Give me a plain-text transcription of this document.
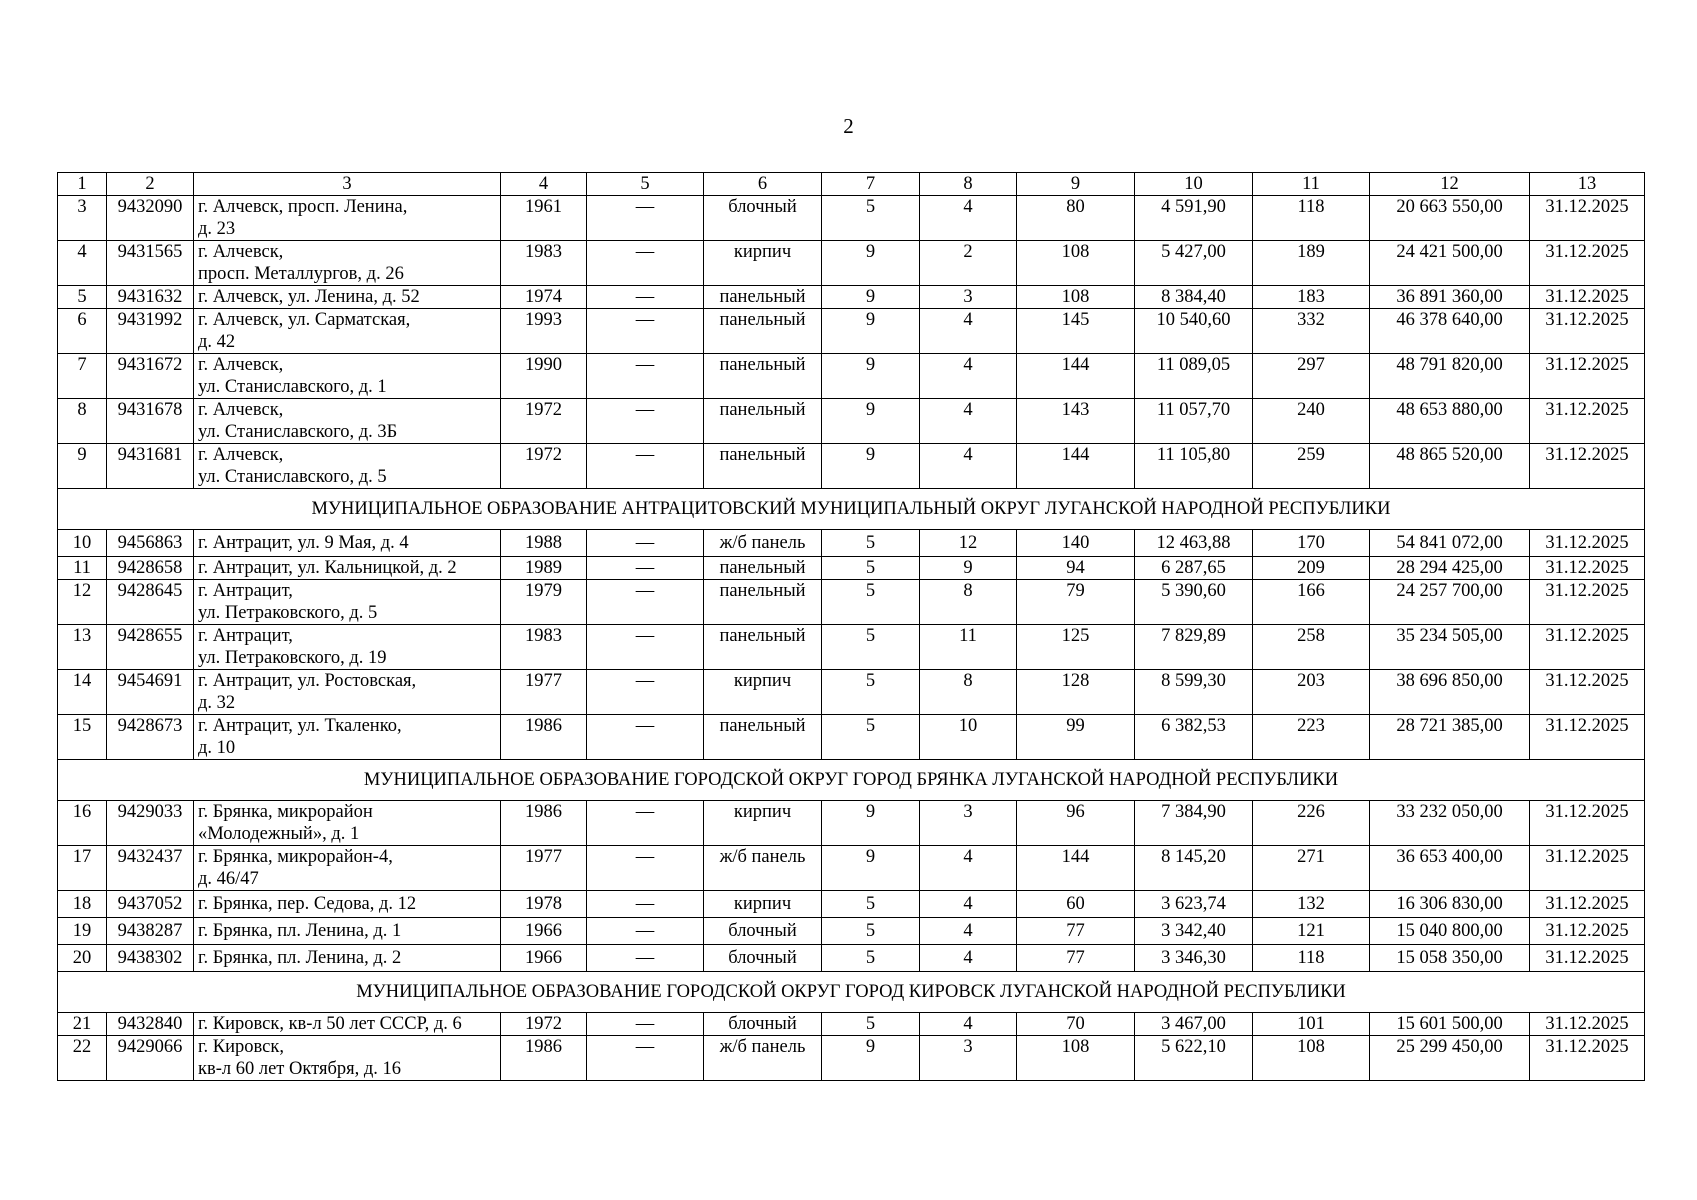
2
1	2	3	4	5	6	7	8	9	10	11	12	13
3	9432090	г. Алчевск, просп. Ленина,
д. 23	1961	—	блочный	5	4	80	4 591,90	118	20 663 550,00	31.12.2025
4	9431565	г. Алчевск,
просп. Металлургов, д. 26	1983	—	кирпич	9	2	108	5 427,00	189	24 421 500,00	31.12.2025
5	9431632	г. Алчевск, ул. Ленина, д. 52	1974	—	панельный	9	3	108	8 384,40	183	36 891 360,00	31.12.2025
6	9431992	г. Алчевск, ул. Сарматская,
д. 42	1993	—	панельный	9	4	145	10 540,60	332	46 378 640,00	31.12.2025
7	9431672	г. Алчевск,
ул. Станиславского, д. 1	1990	—	панельный	9	4	144	11 089,05	297	48 791 820,00	31.12.2025
8	9431678	г. Алчевск,
ул. Станиславского, д. 3Б	1972	—	панельный	9	4	143	11 057,70	240	48 653 880,00	31.12.2025
9	9431681	г. Алчевск,
ул. Станиславского, д. 5	1972	—	панельный	9	4	144	11 105,80	259	48 865 520,00	31.12.2025
МУНИЦИПАЛЬНОЕ ОБРАЗОВАНИЕ АНТРАЦИТОВСКИЙ МУНИЦИПАЛЬНЫЙ ОКРУГ ЛУГАНСКОЙ НАРОДНОЙ РЕСПУБЛИКИ												
10	9456863	г. Антрацит, ул. 9 Мая, д. 4	1988	—	ж/б панель	5	12	140	12 463,88	170	54 841 072,00	31.12.2025
11	9428658	г. Антрацит, ул. Кальницкой, д. 2	1989	—	панельный	5	9	94	6 287,65	209	28 294 425,00	31.12.2025
12	9428645	г. Антрацит,
ул. Петраковского, д. 5	1979	—	панельный	5	8	79	5 390,60	166	24 257 700,00	31.12.2025
13	9428655	г. Антрацит,
ул. Петраковского, д. 19	1983	—	панельный	5	11	125	7 829,89	258	35 234 505,00	31.12.2025
14	9454691	г. Антрацит, ул. Ростовская,
д. 32	1977	—	кирпич	5	8	128	8 599,30	203	38 696 850,00	31.12.2025
15	9428673	г. Антрацит, ул. Ткаленко,
д. 10	1986	—	панельный	5	10	99	6 382,53	223	28 721 385,00	31.12.2025
МУНИЦИПАЛЬНОЕ ОБРАЗОВАНИЕ ГОРОДСКОЙ ОКРУГ ГОРОД БРЯНКА ЛУГАНСКОЙ НАРОДНОЙ РЕСПУБЛИКИ												
16	9429033	г. Брянка, микрорайон
«Молодежный», д. 1	1986	—	кирпич	9	3	96	7 384,90	226	33 232 050,00	31.12.2025
17	9432437	г. Брянка, микрорайон-4,
д. 46/47	1977	—	ж/б панель	9	4	144	8 145,20	271	36 653 400,00	31.12.2025
18	9437052	г. Брянка, пер. Седова, д. 12	1978	—	кирпич	5	4	60	3 623,74	132	16 306 830,00	31.12.2025
19	9438287	г. Брянка, пл. Ленина, д. 1	1966	—	блочный	5	4	77	3 342,40	121	15 040 800,00	31.12.2025
20	9438302	г. Брянка, пл. Ленина, д. 2	1966	—	блочный	5	4	77	3 346,30	118	15 058 350,00	31.12.2025
МУНИЦИПАЛЬНОЕ ОБРАЗОВАНИЕ ГОРОДСКОЙ ОКРУГ ГОРОД КИРОВСК ЛУГАНСКОЙ НАРОДНОЙ РЕСПУБЛИКИ												
21	9432840	г. Кировск, кв-л 50 лет СССР, д. 6	1972	—	блочный	5	4	70	3 467,00	101	15 601 500,00	31.12.2025
22	9429066	г. Кировск,
кв-л 60 лет Октября, д. 16	1986	—	ж/б панель	9	3	108	5 622,10	108	25 299 450,00	31.12.2025
